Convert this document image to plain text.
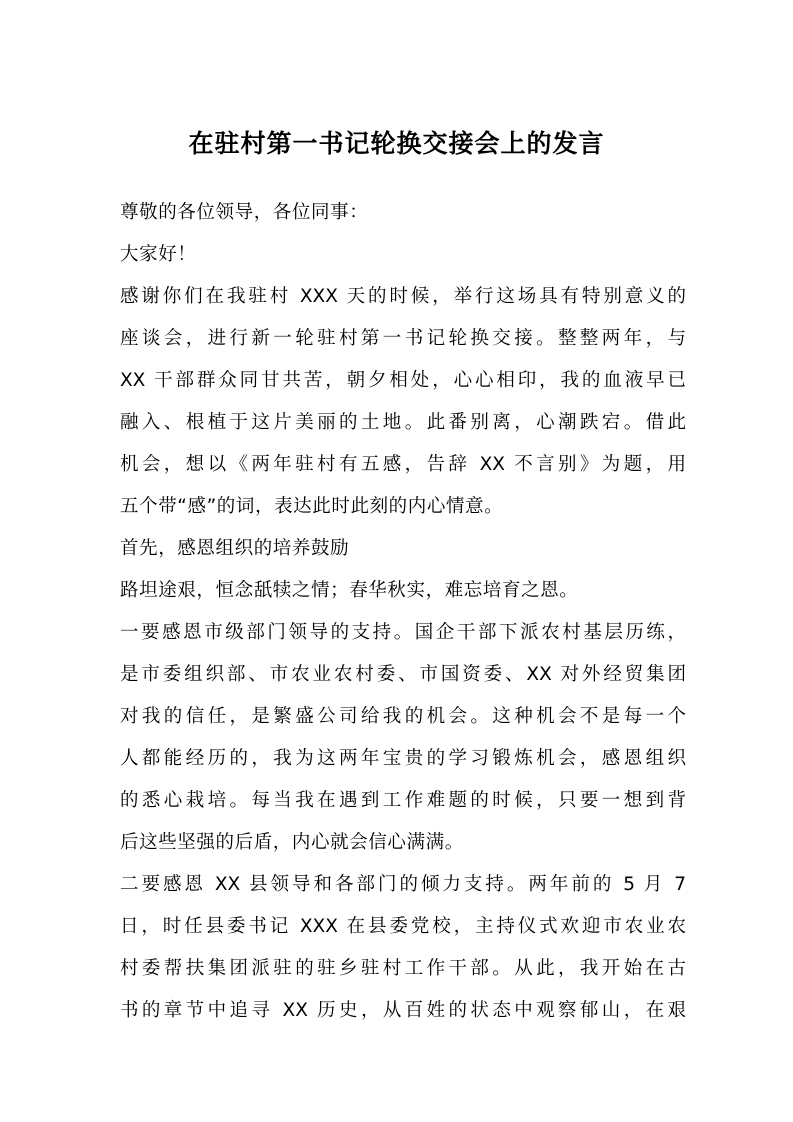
在驻村第一书记轮换交接会上的发言
尊敬的各位领导，各位同事：
大家好！
感谢你们在我驻村 XXX 天的时候，举行这场具有特别意义的
座谈会，进行新一轮驻村第一书记轮换交接。整整两年，与
XX 干部群众同甘共苦，朝夕相处，心心相印，我的血液早已
融入、根植于这片美丽的土地。此番别离，心潮跌宕。借此
机会，想以《两年驻村有五感，告辞 XX 不言别》为题，用
五个带“感”的词，表达此时此刻的内心情意。
首先，感恩组织的培养鼓励
路坦途艰，恒念舐犊之情；春华秋实，难忘培育之恩。
一要感恩市级部门领导的支持。国企干部下派农村基层历练，
是市委组织部、市农业农村委、市国资委、XX 对外经贸集团
对我的信任，是繁盛公司给我的机会。这种机会不是每一个
人都能经历的，我为这两年宝贵的学习锻炼机会，感恩组织
的悉心栽培。每当我在遇到工作难题的时候，只要一想到背
后这些坚强的后盾，内心就会信心满满。
二要感恩 XX 县领导和各部门的倾力支持。两年前的 5 月 7
日，时任县委书记 XXX 在县委党校，主持仪式欢迎市农业农
村委帮扶集团派驻的驻乡驻村工作干部。从此，我开始在古
书的章节中追寻 XX 历史，从百姓的状态中观察郁山，在艰
